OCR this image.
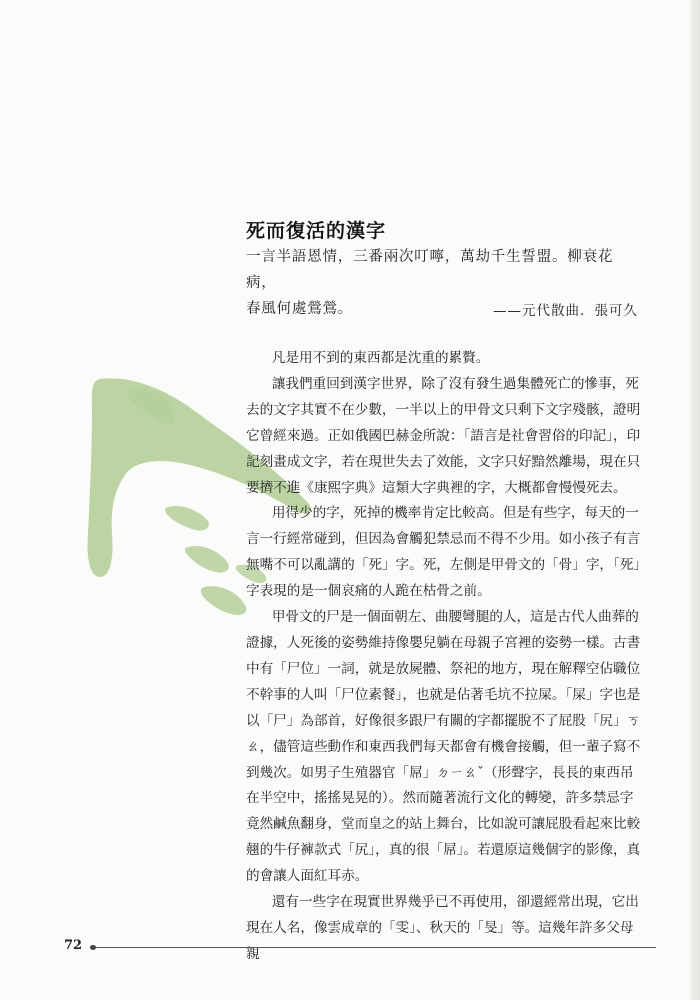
死而復活的漢字

一言半語恩情，三番兩次叮嚀，萬劫千生誓盟。柳衰花病，

春風何處鶯鶯。	——元代散曲．張可久

凡是用不到的東西都是沈重的累贅。

讓我們重回到漢字世界，除了沒有發生過集體死亡的慘事，死去的文字其實不在少數，一半以上的甲骨文只剩下文字殘骸，證明它曾經來過。正如俄國巴赫金所說：「語言是社會習俗的印記」，印記刻畫成文字，若在現世失去了效能，文字只好黯然離場，現在只要擠不進《康熙字典》這類大字典裡的字，大概都會慢慢死去。

用得少的字，死掉的機率肯定比較高。但是有些字，每天的一言一行經常碰到，但因為會觸犯禁忌而不得不少用。如小孩子有言無嘴不可以亂講的「死」字。死，左側是甲骨文的「骨」字，「死」字表現的是一個哀痛的人跪在枯骨之前。

甲骨文的尸是一個面朝左、曲腰彎腿的人，這是古代人曲葬的證據，人死後的姿勢維持像嬰兒躺在母親子宮裡的姿勢一樣。古書中有「尸位」一詞，就是放屍體、祭祀的地方，現在解釋空佔職位不幹事的人叫「尸位素餐」，也就是佔著毛坑不拉屎。「屎」字也是以「尸」為部首，好像很多跟尸有關的字都擺脫不了屁股「尻」ㄎㄠ，儘管這些動作和東西我們每天都會有機會接觸，但一輩子寫不到幾次。如男子生殖器官「屌」ㄉㄧㄠˇ（形聲字，長長的東西吊在半空中，搖搖晃晃的）。然而隨著流行文化的轉變，許多禁忌字竟然鹹魚翻身，堂而皇之的站上舞台，比如說可讓屁股看起來比較翹的牛仔褲款式「尻」，真的很「屌」。若還原這幾個字的影像，真的會讓人面紅耳赤。

還有一些字在現實世界幾乎已不再使用，卻還經常出現，它出現在人名，像雲成章的「雯」、秋天的「旻」等。這幾年許多父母親

72
